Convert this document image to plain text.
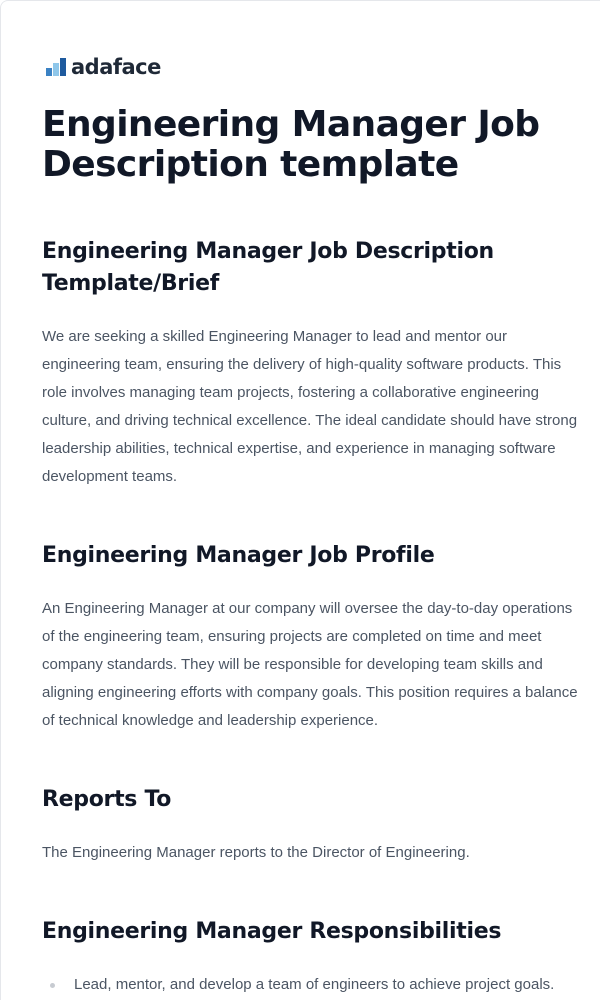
adaface
Engineering Manager Job Description template
Engineering Manager Job Description
Template/Brief

We are seeking a skilled Engineering Manager to lead and mentor our
engineering team, ensuring the delivery of high-quality software products. This
role involves managing team projects, fostering a collaborative engineering
culture, and driving technical excellence. The ideal candidate should have strong
leadership abilities, technical expertise, and experience in managing software
development teams.

Engineering Manager Job Profile

An Engineering Manager at our company will oversee the day-to-day operations
of the engineering team, ensuring projects are completed on time and meet
company standards. They will be responsible for developing team skills and
aligning engineering efforts with company goals. This position requires a balance
of technical knowledge and leadership experience.

Reports To

The Engineering Manager reports to the Director of Engineering.

Engineering Manager Responsibilities
Lead, mentor, and develop a team of engineers to achieve project goals.
